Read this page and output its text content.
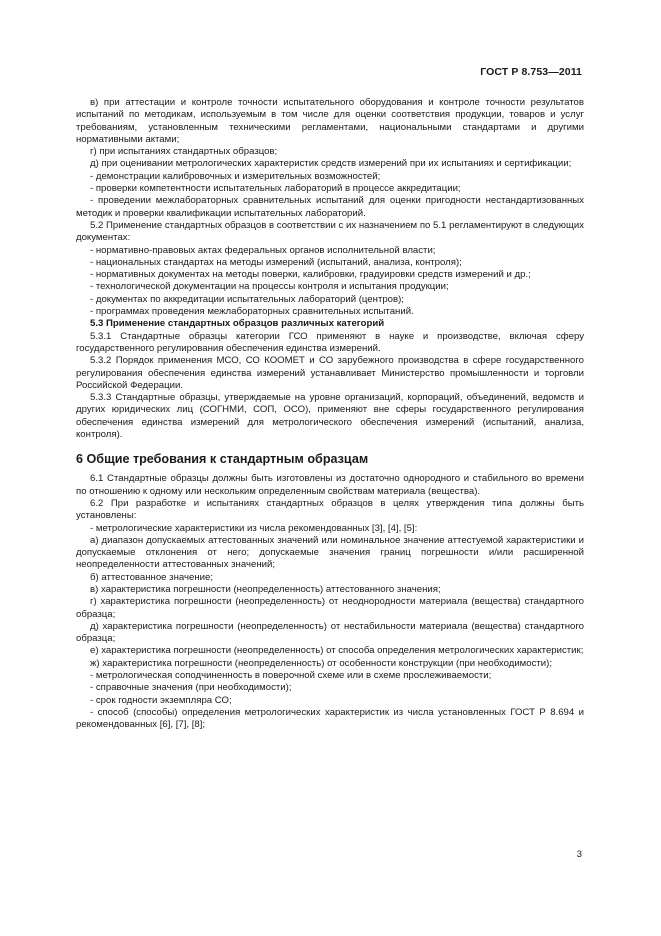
ГОСТ Р 8.753—2011

в) при аттестации и контроле точности испытательного оборудования и контроле точности результатов испытаний по методикам, используемым в том числе для оценки соответствия продукции, товаров и услуг требованиям, установленным техническими регламентами, национальными стандартами и другими нормативными актами;

г) при испытаниях стандартных образцов;

д) при оценивании метрологических характеристик средств измерений при их испытаниях и сертификации;

- демонстрации калибровочных и измерительных возможностей;

- проверки компетентности испытательных лабораторий в процессе аккредитации;

- проведении межлабораторных сравнительных испытаний для оценки пригодности нестандартизованных методик и проверки квалификации испытательных лабораторий.

5.2 Применение стандартных образцов в соответствии с их назначением по 5.1 регламентируют в следующих документах:

- нормативно-правовых актах федеральных органов исполнительной власти;

- национальных стандартах на методы измерений (испытаний, анализа, контроля);

- нормативных документах на методы поверки, калибровки, градуировки средств измерений и др.;

- технологической документации на процессы контроля и испытания продукции;

- документах по аккредитации испытательных лабораторий (центров);

- программах проведения межлабораторных сравнительных испытаний.

5.3 Применение стандартных образцов различных категорий

5.3.1 Стандартные образцы категории ГСО применяют в науке и производстве, включая сферу государственного регулирования обеспечения единства измерений.

5.3.2 Порядок применения МСО, СО КООМЕТ и СО зарубежного производства в сфере государственного регулирования обеспечения единства измерений устанавливает Министерство промышленности и торговли Российской Федерации.

5.3.3 Стандартные образцы, утверждаемые на уровне организаций, корпораций, объединений, ведомств и других юридических лиц (СОГНМИ, СОП, ОСО), применяют вне сферы государственного регулирования обеспечения единства измерений для метрологического обеспечения измерений (испытаний, анализа, контроля).

6 Общие требования к стандартным образцам

6.1 Стандартные образцы должны быть изготовлены из достаточно однородного и стабильного во времени по отношению к одному или нескольким определенным свойствам материала (вещества).

6.2 При разработке и испытаниях стандартных образцов в целях утверждения типа должны быть установлены:

- метрологические характеристики из числа рекомендованных [3], [4], [5]:

а) диапазон допускаемых аттестованных значений или номинальное значение аттестуемой характеристики и допускаемые отклонения от него; допускаемые значения границ погрешности и/или расширенной неопределенности аттестованных значений;

б) аттестованное значение;

в) характеристика погрешности (неопределенность) аттестованного значения;

г) характеристика погрешности (неопределенность) от неоднородности материала (вещества) стандартного образца;

д) характеристика погрешности (неопределенность) от нестабильности материала (вещества) стандартного образца;

е) характеристика погрешности (неопределенность) от способа определения метрологических характеристик;

ж) характеристика погрешности (неопределенность) от особенности конструкции (при необходимости);

- метрологическая соподчиненность в поверочной схеме или в схеме прослеживаемости;

- справочные значения (при необходимости);

- срок годности экземпляра СО;

- способ (способы) определения метрологических характеристик из числа установленных ГОСТ Р 8.694 и рекомендованных [6], [7], [8];

3
